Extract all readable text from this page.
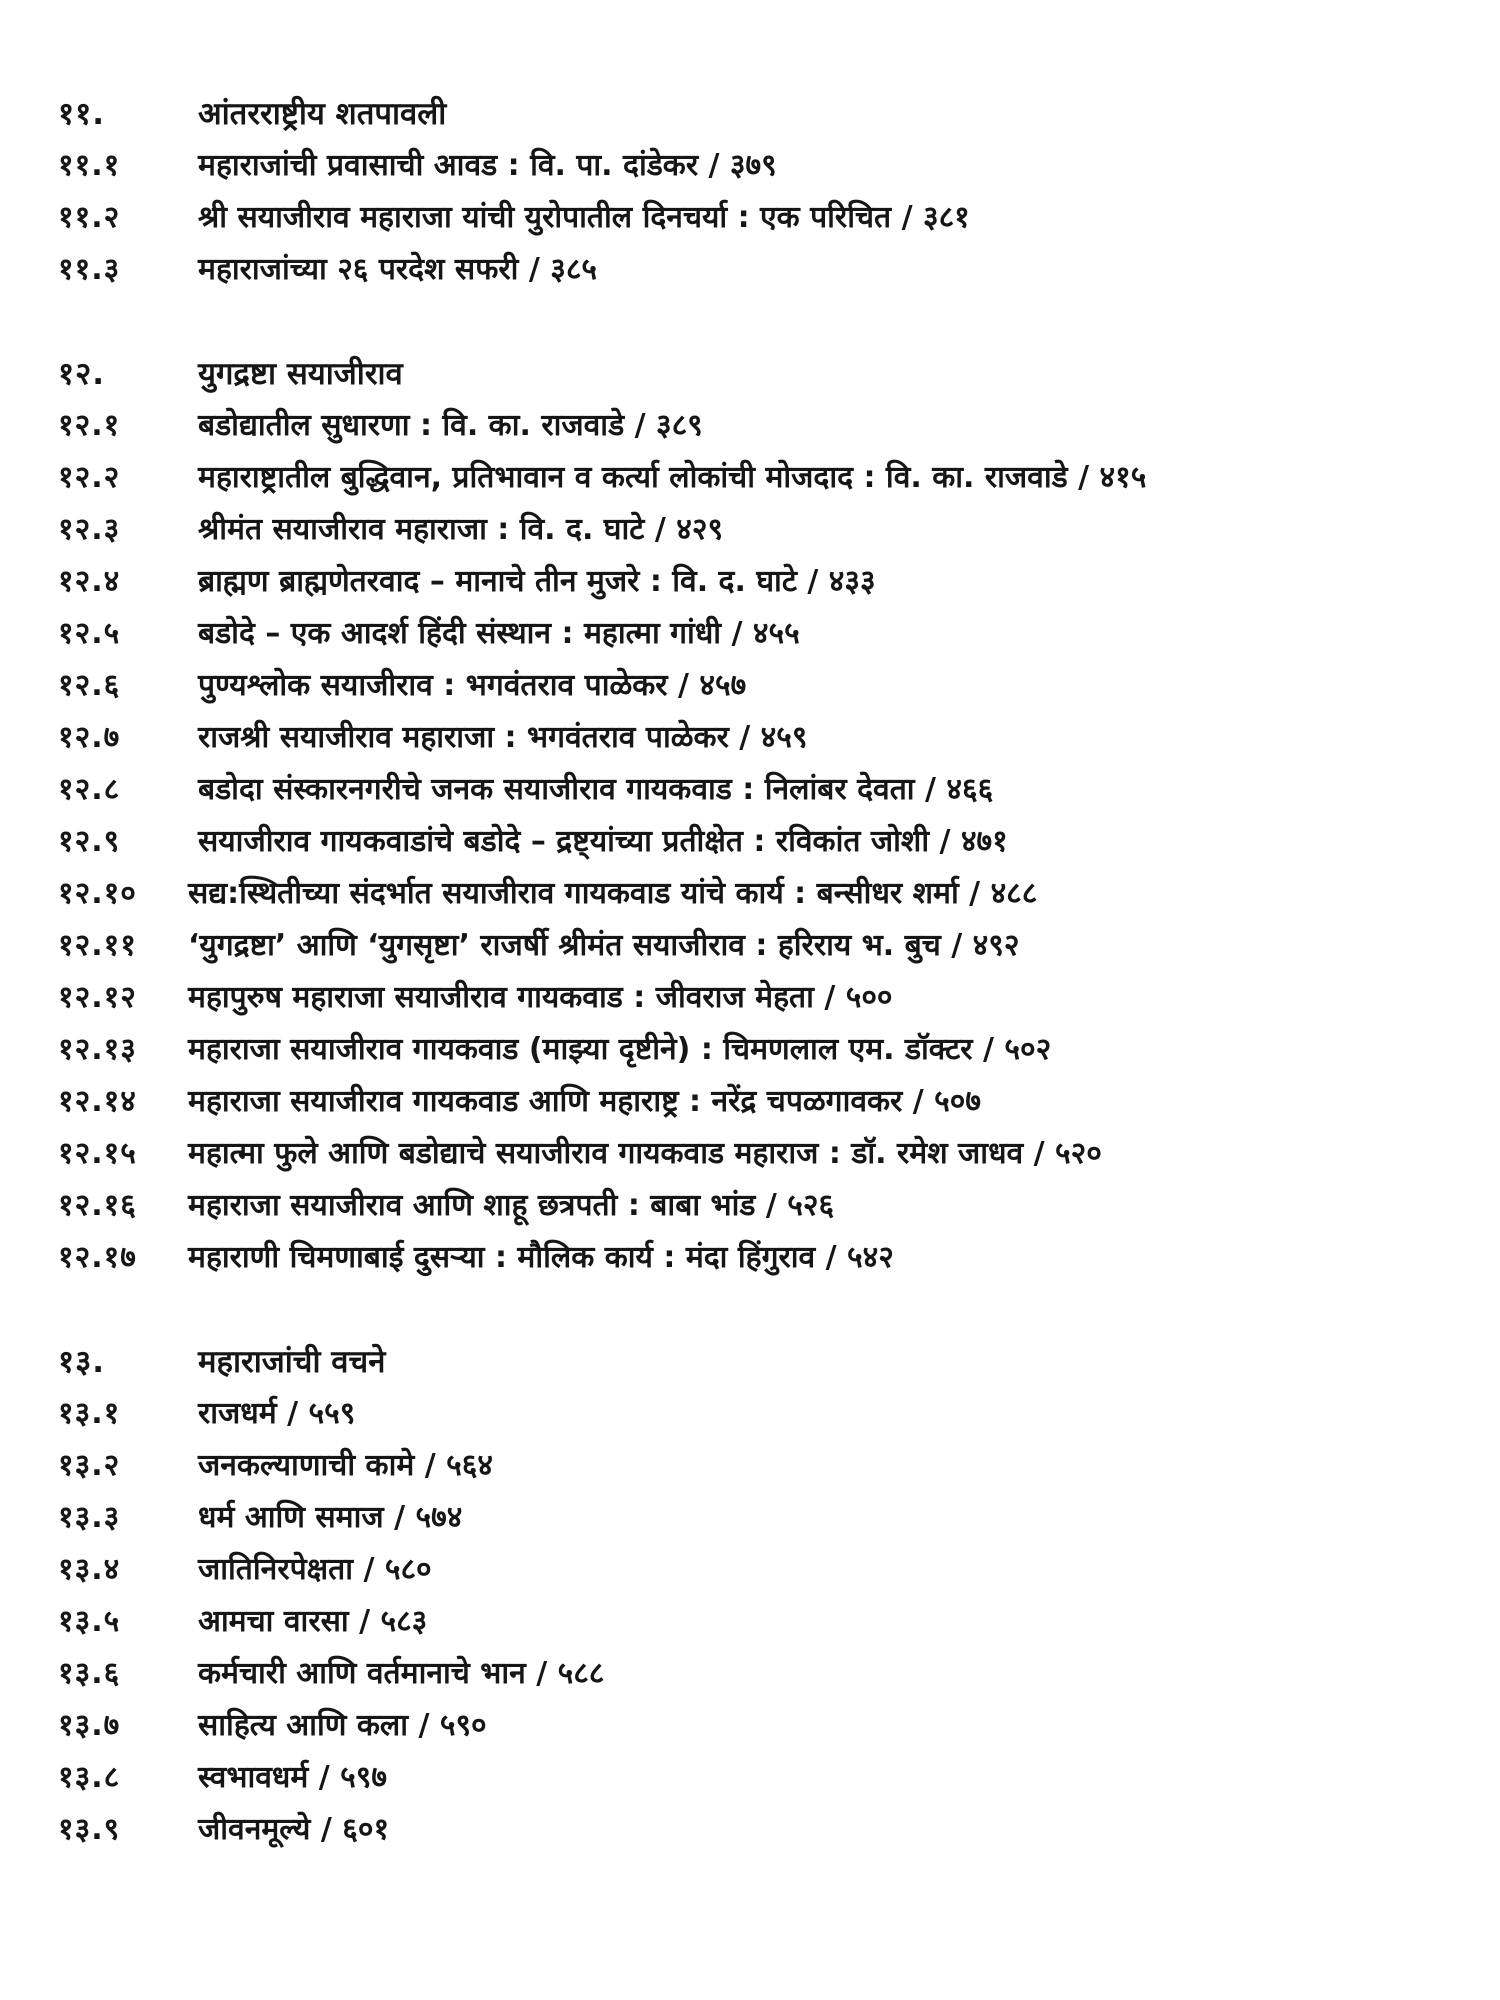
११.	आंतरराष्ट्रीय शतपावली
११.१	महाराजांची प्रवासाची आवड : वि. पा. दांडेकर / ३७९
११.२	श्री सयाजीराव महाराजा यांची युरोपातील दिनचर्या : एक परिचित / ३८१
११.३	महाराजांच्या २६ परदेश सफरी / ३८५
१२.	युगद्रष्टा सयाजीराव
१२.१	बडोद्यातील सुधारणा : वि. का. राजवाडे / ३८९
१२.२	महाराष्ट्रातील बुद्धिवान, प्रतिभावान व कर्त्या लोकांची मोजदाद : वि. का. राजवाडे / ४१५
१२.३	श्रीमंत सयाजीराव महाराजा : वि. द. घाटे / ४२९
१२.४	ब्राह्मण ब्राह्मणेतरवाद – मानाचे तीन मुजरे : वि. द. घाटे / ४३३
१२.५	बडोदे – एक आदर्श हिंदी संस्थान : महात्मा गांधी / ४५५
१२.६	पुण्यश्लोक सयाजीराव : भगवंतराव पाळेकर / ४५७
१२.७	राजश्री सयाजीराव महाराजा : भगवंतराव पाळेकर / ४५९
१२.८	बडोदा संस्कारनगरीचे जनक सयाजीराव गायकवाड : निलांबर देवता / ४६६
१२.९	सयाजीराव गायकवाडांचे बडोदे – द्रष्ट्यांच्या प्रतीक्षेत : रविकांत जोशी / ४७१
१२.१०	सद्य:स्थितीच्या संदर्भात सयाजीराव गायकवाड यांचे कार्य : बन्सीधर शर्मा / ४८८
१२.११	‘युगद्रष्टा’ आणि ‘युगसृष्टा’ राजर्षी श्रीमंत सयाजीराव : हरिराय भ. बुच / ४९२
१२.१२	महापुरुष महाराजा सयाजीराव गायकवाड : जीवराज मेहता / ५००
१२.१३	महाराजा सयाजीराव गायकवाड (माझ्या दृष्टीने) : चिमणलाल एम. डॉक्टर / ५०२
१२.१४	महाराजा सयाजीराव गायकवाड आणि महाराष्ट्र : नरेंद्र चपळगावकर / ५०७
१२.१५	महात्मा फुले आणि बडोद्याचे सयाजीराव गायकवाड महाराज : डॉ. रमेश जाधव / ५२०
१२.१६	महाराजा सयाजीराव आणि शाहू छत्रपती : बाबा भांड / ५२६
१२.१७	महाराणी चिमणाबाई दुसऱ्या : मौलिक कार्य : मंदा हिंगुराव / ५४२
१३.	महाराजांची वचने
१३.१	राजधर्म / ५५९
१३.२	जनकल्याणाची कामे / ५६४
१३.३	धर्म आणि समाज / ५७४
१३.४	जातिनिरपेक्षता / ५८०
१३.५	आमचा वारसा / ५८३
१३.६	कर्मचारी आणि वर्तमानाचे भान / ५८८
१३.७	साहित्य आणि कला / ५९०
१३.८	स्वभावधर्म / ५९७
१३.९	जीवनमूल्ये / ६०१
